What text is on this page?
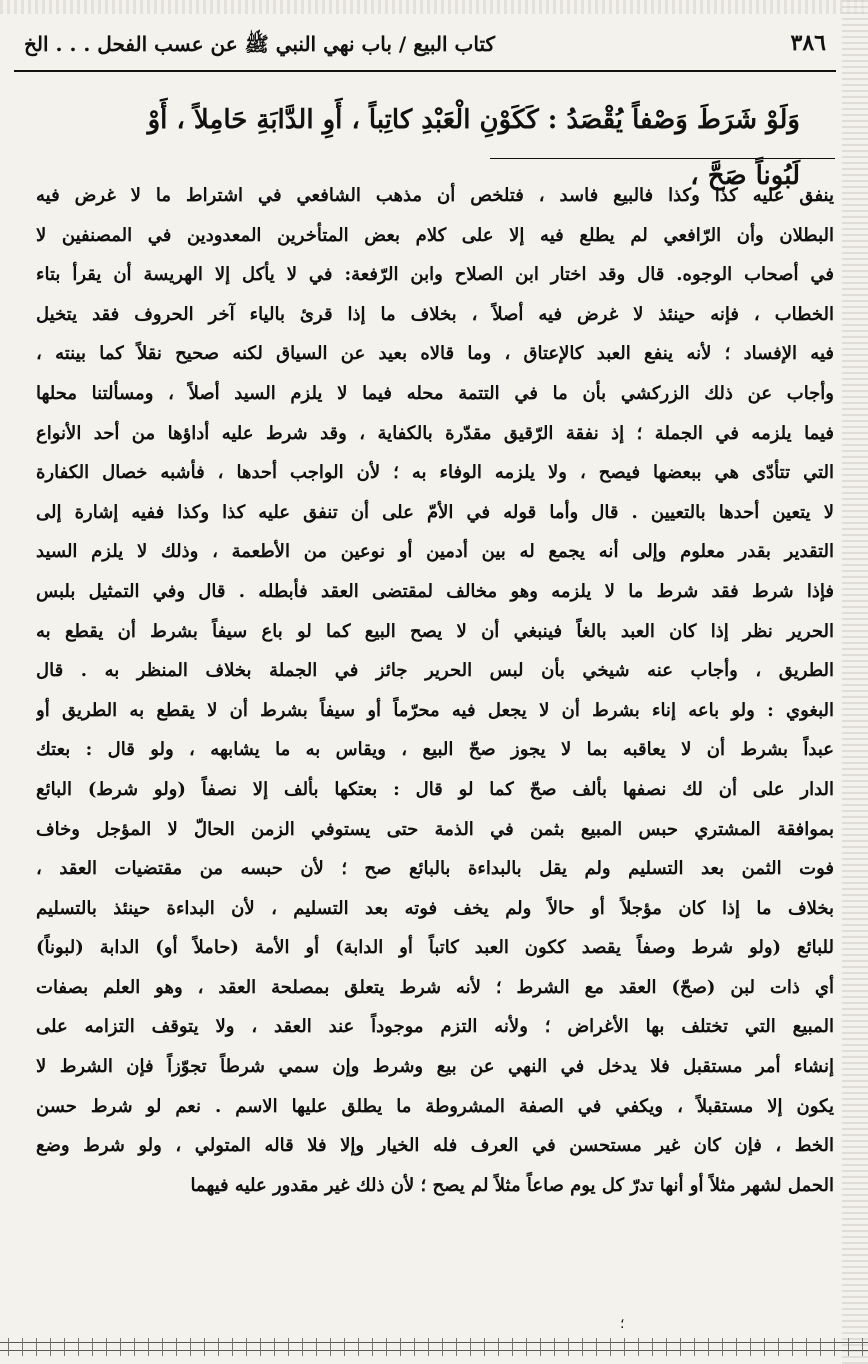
٣٨٦
كتاب البيع / باب نهي النبي ﷺ عن عسب الفحل . . . الخ
وَلَوْ شَرَطَ وَصْفاً يُقْصَدُ : كَكَوْنِ الْعَبْدِ كاتِباً ، أَوِ الدَّابَةِ حَامِلاً ، أَوْ لَبُوناً صَحَّ ،
ينفق عليه كذا وكذا فالبيع فاسد ، فتلخص أن مذهب الشافعي في اشتراط ما لا غرض فيه
البطلان وأن الرّافعي لم يطلع فيه إلا على كلام بعض المتأخرين المعدودين في المصنفين لا
في أصحاب الوجوه. قال وقد اختار ابن الصلاح وابن الرّفعة: في لا يأكل إلا الهريسة أن يقرأ بتاء
الخطاب ، فإنه حينئذ لا غرض فيه أصلاً ، بخلاف ما إذا قرئ بالياء آخر الحروف فقد يتخيل
فيه الإفساد ؛ لأنه ينفع العبد كالإعتاق ، وما قالاه بعيد عن السياق لكنه صحيح نقلاً كما بينته ،
وأجاب عن ذلك الزركشي بأن ما في التتمة محله فيما لا يلزم السيد أصلاً ، ومسألتنا محلها
فيما يلزمه في الجملة ؛ إذ نفقة الرّقيق مقدّرة بالكفاية ، وقد شرط عليه أداؤها من أحد الأنواع
التي تتأدّى هي ببعضها فيصح ، ولا يلزمه الوفاء به ؛ لأن الواجب أحدها ، فأشبه خصال الكفارة
لا يتعين أحدها بالتعيين . قال وأما قوله في الأمّ على أن تنفق عليه كذا وكذا ففيه إشارة إلى
التقدير بقدر معلوم وإلى أنه يجمع له بين أدمين أو نوعين من الأطعمة ، وذلك لا يلزم السيد
فإذا شرط فقد شرط ما لا يلزمه وهو مخالف لمقتضى العقد فأبطله . قال وفي التمثيل بلبس
الحرير نظر إذا كان العبد بالغاً فينبغي أن لا يصح البيع كما لو باع سيفاً بشرط أن يقطع به
الطريق ، وأجاب عنه شيخي بأن لبس الحرير جائز في الجملة بخلاف المنظر به . قال
البغوي : ولو باعه إناء بشرط أن لا يجعل فيه محرّماً أو سيفاً بشرط أن لا يقطع به الطريق أو
عبداً بشرط أن لا يعاقبه بما لا يجوز صحّ البيع ، ويقاس به ما يشابهه ، ولو قال : بعتك
الدار على أن لك نصفها بألف صحّ كما لو قال : بعتكها بألف إلا نصفاً (ولو شرط) البائع
بموافقة المشتري حبس المبيع بثمن في الذمة حتى يستوفي الزمن الحالّ لا المؤجل وخاف
فوت الثمن بعد التسليم ولم يقل بالبداءة بالبائع صح ؛ لأن حبسه من مقتضيات العقد ،
بخلاف ما إذا كان مؤجلاً أو حالاً ولم يخف فوته بعد التسليم ، لأن البداءة حينئذ بالتسليم
للبائع (ولو شرط وصفاً يقصد ككون العبد كاتباً أو الدابة) أو الأمة (حاملاً أو) الدابة (لبوناً)
أي ذات لبن (صحّ) العقد مع الشرط ؛ لأنه شرط يتعلق بمصلحة العقد ، وهو العلم بصفات
المبيع التي تختلف بها الأغراض ؛ ولأنه التزم موجوداً عند العقد ، ولا يتوقف التزامه على
إنشاء أمر مستقبل فلا يدخل في النهي عن بيع وشرط وإن سمي شرطاً تجوّزاً فإن الشرط لا
يكون إلا مستقبلاً ، ويكفي في الصفة المشروطة ما يطلق عليها الاسم . نعم لو شرط حسن
الخط ، فإن كان غير مستحسن في العرف فله الخيار وإلا فلا قاله المتولي ، ولو شرط وضع
الحمل لشهر مثلاً أو أنها تدرّ كل يوم صاعاً مثلاً لم يصح ؛ لأن ذلك غير مقدور عليه فيهما
؛
